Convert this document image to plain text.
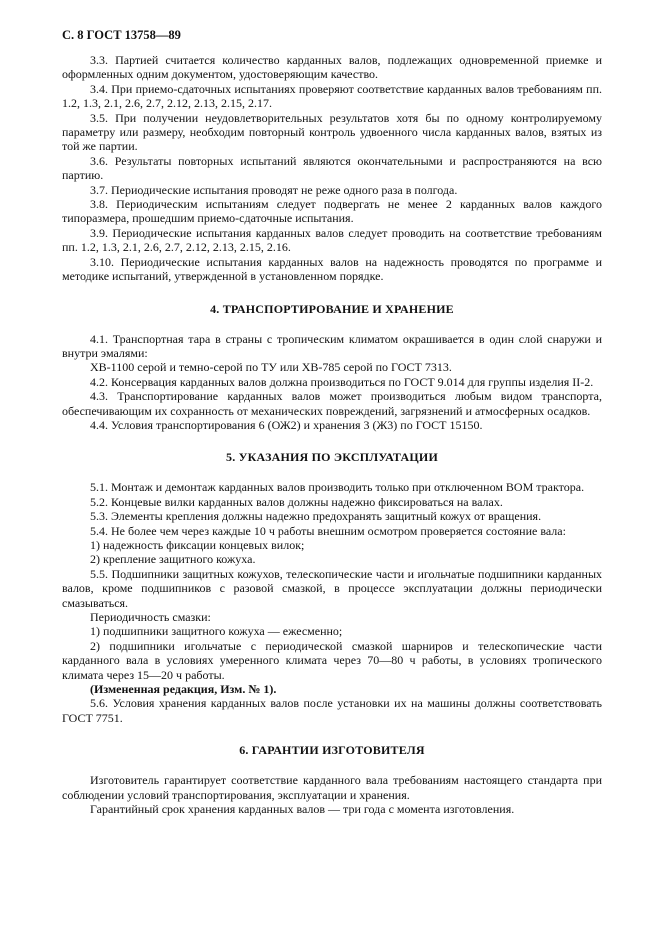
С. 8 ГОСТ 13758—89

3.3. Партией считается количество карданных валов, подлежащих одновременной приемке и оформленных одним документом, удостоверяющим качество.

3.4. При приемо-сдаточных испытаниях проверяют соответствие карданных валов требованиям пп. 1.2, 1.3, 2.1, 2.6, 2.7, 2.12, 2.13, 2.15, 2.17.

3.5. При получении неудовлетворительных результатов хотя бы по одному контролируемому параметру или размеру, необходим повторный контроль удвоенного числа карданных валов, взятых из той же партии.

3.6. Результаты повторных испытаний являются окончательными и распространяются на всю партию.

3.7. Периодические испытания проводят не реже одного раза в полгода.

3.8. Периодическим испытаниям следует подвергать не менее 2 карданных валов каждого типоразмера, прошедшим приемо-сдаточные испытания.

3.9. Периодические испытания карданных валов следует проводить на соответствие требованиям пп. 1.2, 1.3, 2.1, 2.6, 2.7, 2.12, 2.13, 2.15, 2.16.

3.10. Периодические испытания карданных валов на надежность проводятся по программе и методике испытаний, утвержденной в установленном порядке.

4. ТРАНСПОРТИРОВАНИЕ И ХРАНЕНИЕ

4.1. Транспортная тара в страны с тропическим климатом окрашивается в один слой снаружи и внутри эмалями:

ХВ-1100 серой и темно-серой по ТУ или ХВ-785 серой по ГОСТ 7313.

4.2. Консервация карданных валов должна производиться по ГОСТ 9.014 для группы изделия II-2.

4.3. Транспортирование карданных валов может производиться любым видом транспорта, обеспечивающим их сохранность от механических повреждений, загрязнений и атмосферных осадков.

4.4. Условия транспортирования 6 (ОЖ2) и хранения 3 (Ж3) по ГОСТ 15150.

5. УКАЗАНИЯ ПО ЭКСПЛУАТАЦИИ

5.1. Монтаж и демонтаж карданных валов производить только при отключенном ВОМ трактора.

5.2. Концевые вилки карданных валов должны надежно фиксироваться на валах.

5.3. Элементы крепления должны надежно предохранять защитный кожух от вращения.

5.4. Не более чем через каждые 10 ч работы внешним осмотром проверяется состояние вала:

1) надежность фиксации концевых вилок;

2) крепление защитного кожуха.

5.5. Подшипники защитных кожухов, телескопические части и игольчатые подшипники карданных валов, кроме подшипников с разовой смазкой, в процессе эксплуатации должны периодически смазываться.

Периодичность смазки:

1) подшипники защитного кожуха — ежесменно;

2) подшипники игольчатые с периодической смазкой шарниров и телескопические части карданного вала в условиях умеренного климата через 70—80 ч работы, в условиях тропического климата через 15—20 ч работы.

(Измененная редакция, Изм. № 1).

5.6. Условия хранения карданных валов после установки их на машины должны соответствовать ГОСТ 7751.

6. ГАРАНТИИ ИЗГОТОВИТЕЛЯ

Изготовитель гарантирует соответствие карданного вала требованиям настоящего стандарта при соблюдении условий транспортирования, эксплуатации и хранения.

Гарантийный срок хранения карданных валов — три года с момента изготовления.
